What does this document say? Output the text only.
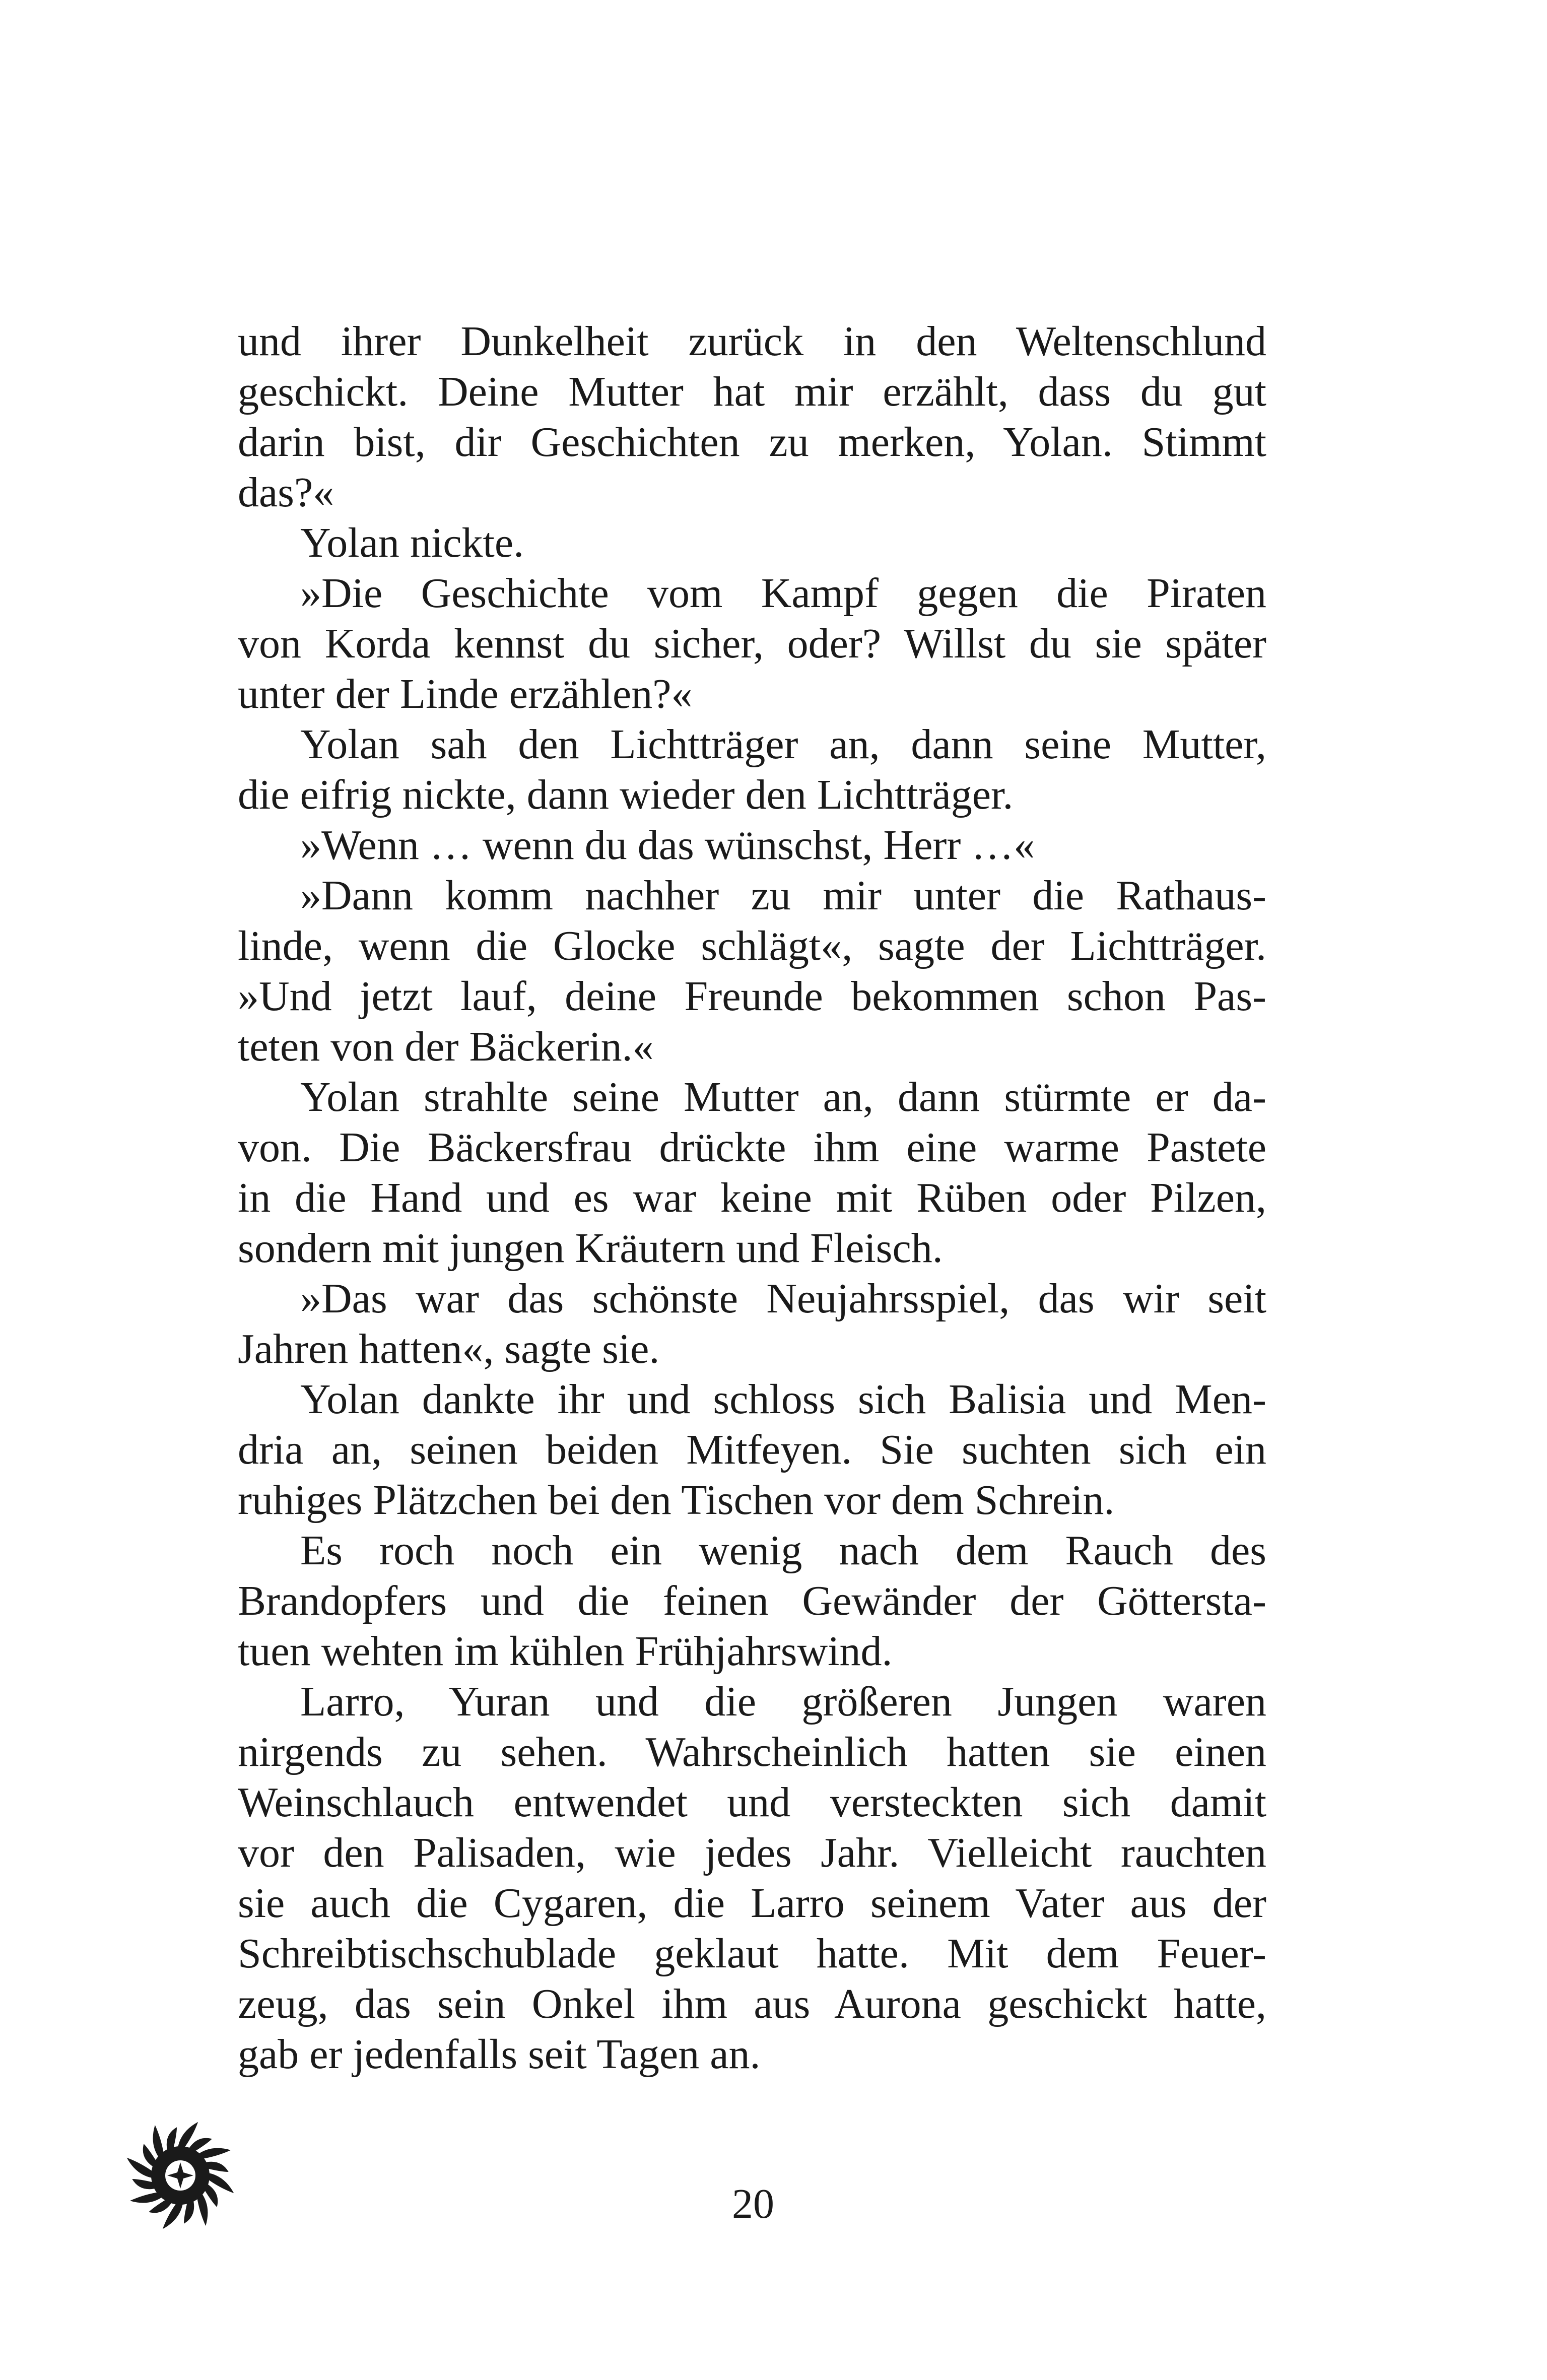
und ihrer Dunkelheit zurück in den Weltenschlund
geschickt. Deine Mutter hat mir erzählt, dass du gut
darin bist, dir Geschichten zu merken, Yolan. Stimmt
das?«
Yolan nickte.
»Die Geschichte vom Kampf gegen die Piraten
von Korda kennst du sicher, oder? Willst du sie später
unter der Linde erzählen?«
Yolan sah den Lichtträger an, dann seine Mutter,
die eifrig nickte, dann wieder den Lichtträger.
»Wenn … wenn du das wünschst, Herr …«
»Dann komm nachher zu mir unter die Rathaus-
linde, wenn die Glocke schlägt«, sagte der Lichtträger.
»Und jetzt lauf, deine Freunde bekommen schon Pas-
teten von der Bäckerin.«
Yolan strahlte seine Mutter an, dann stürmte er da-
von. Die Bäckersfrau drückte ihm eine warme Pastete
in die Hand und es war keine mit Rüben oder Pilzen,
sondern mit jungen Kräutern und Fleisch.
»Das war das schönste Neujahrsspiel, das wir seit
Jahren hatten«, sagte sie.
Yolan dankte ihr und schloss sich Balisia und Men-
dria an, seinen beiden Mitfeyen. Sie suchten sich ein
ruhiges Plätzchen bei den Tischen vor dem Schrein.
Es roch noch ein wenig nach dem Rauch des
Brandopfers und die feinen Gewänder der Göttersta-
tuen wehten im kühlen Frühjahrswind.
Larro, Yuran und die größeren Jungen waren
nirgends zu sehen. Wahrscheinlich hatten sie einen
Weinschlauch entwendet und versteckten sich damit
vor den Palisaden, wie jedes Jahr. Vielleicht rauchten
sie auch die Cygaren, die Larro seinem Vater aus der
Schreibtischschublade geklaut hatte. Mit dem Feuer-
zeug, das sein Onkel ihm aus Aurona geschickt hatte,
gab er jedenfalls seit Tagen an.
20
